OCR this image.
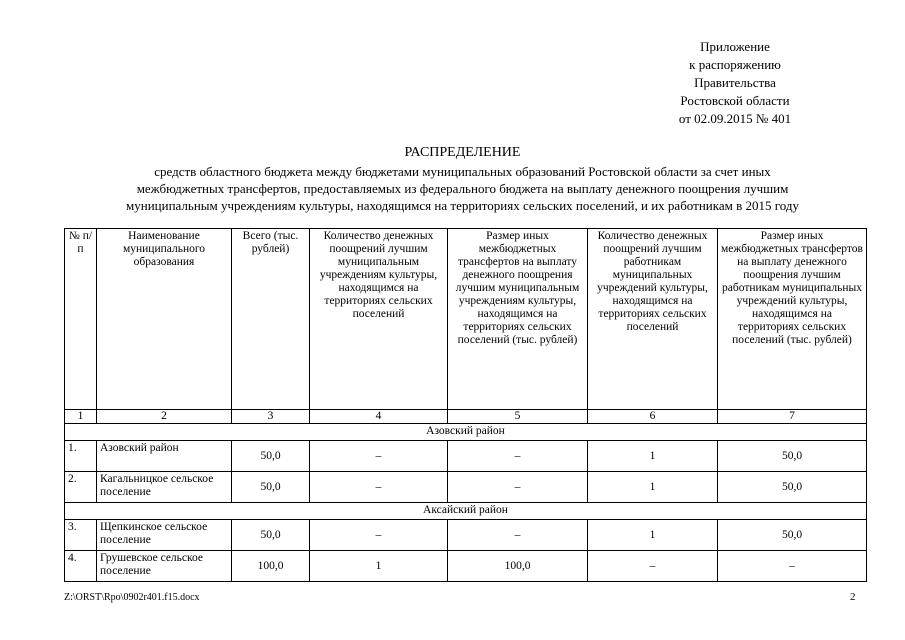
Приложение
к распоряжению
Правительства
Ростовской области
от 02.09.2015 № 401
РАСПРЕДЕЛЕНИЕ
средств областного бюджета между бюджетами муниципальных образований Ростовской области за счет иных
межбюджетных трансфертов, предоставляемых из федерального бюджета на выплату денежного поощрения лучшим
муниципальным учреждениям культуры, находящимся на территориях сельских поселений, и их работникам в 2015 году
№ п/п	Наименование муниципального образования	Всего (тыс. рублей)	Количество денежных поощрений лучшим муниципальным учреждениям культуры, находящимся на территориях сельских поселений	Размер иных межбюджетных трансфертов на выплату денежного поощрения лучшим муниципальным учреждениям культуры, находящимся на территориях сельских поселений (тыс. рублей)	Количество денежных поощрений лучшим работникам муниципальных учреждений культуры, находящимся на территориях сельских поселений	Размер иных межбюджетных трансфертов на выплату денежного поощрения лучшим работникам муниципальных учреждений культуры, находящимся на территориях сельских поселений (тыс. рублей)
1	2	3	4	5	6	7
Азовский район						
1.	Азовский район	50,0	–	–	1	50,0
2.	Кагальницкое сельское поселение	50,0	–	–	1	50,0
Аксайский район						
3.	Щепкинское сельское поселение	50,0	–	–	1	50,0
4.	Грушевское сельское поселение	100,0	1	100,0	–	–
Z:\ORST\Rpo\0902r401.f15.docx	2
